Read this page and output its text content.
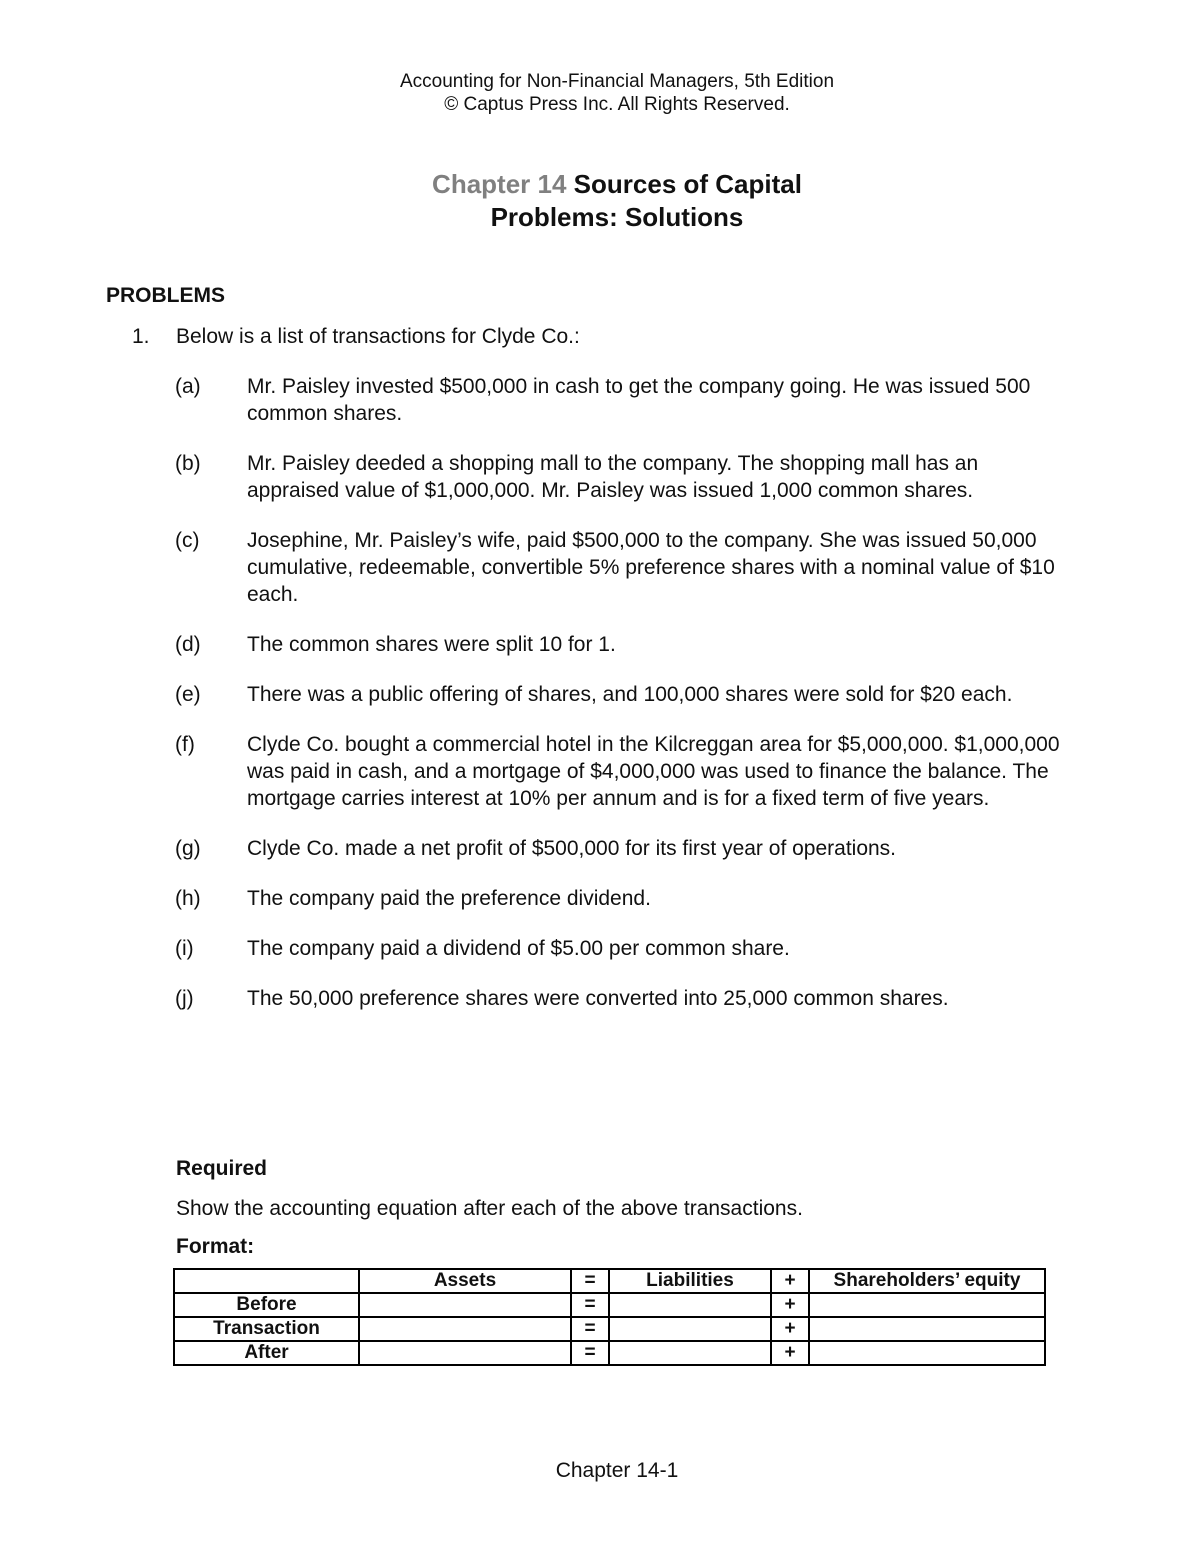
Accounting for Non-Financial Managers, 5th Edition
© Captus Press Inc. All Rights Reserved.
Chapter 14 Sources of Capital
Problems: Solutions
PROBLEMS
1. Below is a list of transactions for Clyde Co.:
(a) Mr. Paisley invested $500,000 in cash to get the company going. He was issued 500 common shares.
(b) Mr. Paisley deeded a shopping mall to the company. The shopping mall has an appraised value of $1,000,000. Mr. Paisley was issued 1,000 common shares.
(c) Josephine, Mr. Paisley’s wife, paid $500,000 to the company. She was issued 50,000 cumulative, redeemable, convertible 5% preference shares with a nominal value of $10 each.
(d) The common shares were split 10 for 1.
(e) There was a public offering of shares, and 100,000 shares were sold for $20 each.
(f) Clyde Co. bought a commercial hotel in the Kilcreggan area for $5,000,000. $1,000,000 was paid in cash, and a mortgage of $4,000,000 was used to finance the balance. The mortgage carries interest at 10% per annum and is for a fixed term of five years.
(g) Clyde Co. made a net profit of $500,000 for its first year of operations.
(h) The company paid the preference dividend.
(i)	The company paid a dividend of $5.00 per common share.
(j)	The 50,000 preference shares were converted into 25,000 common shares.
Required
Show the accounting equation after each of the above transactions.
Format:
	Assets	=	Liabilities	+	Shareholders’ equity
Before		=		+	
Transaction		=		+	
After		=		+	
Chapter 14-1
